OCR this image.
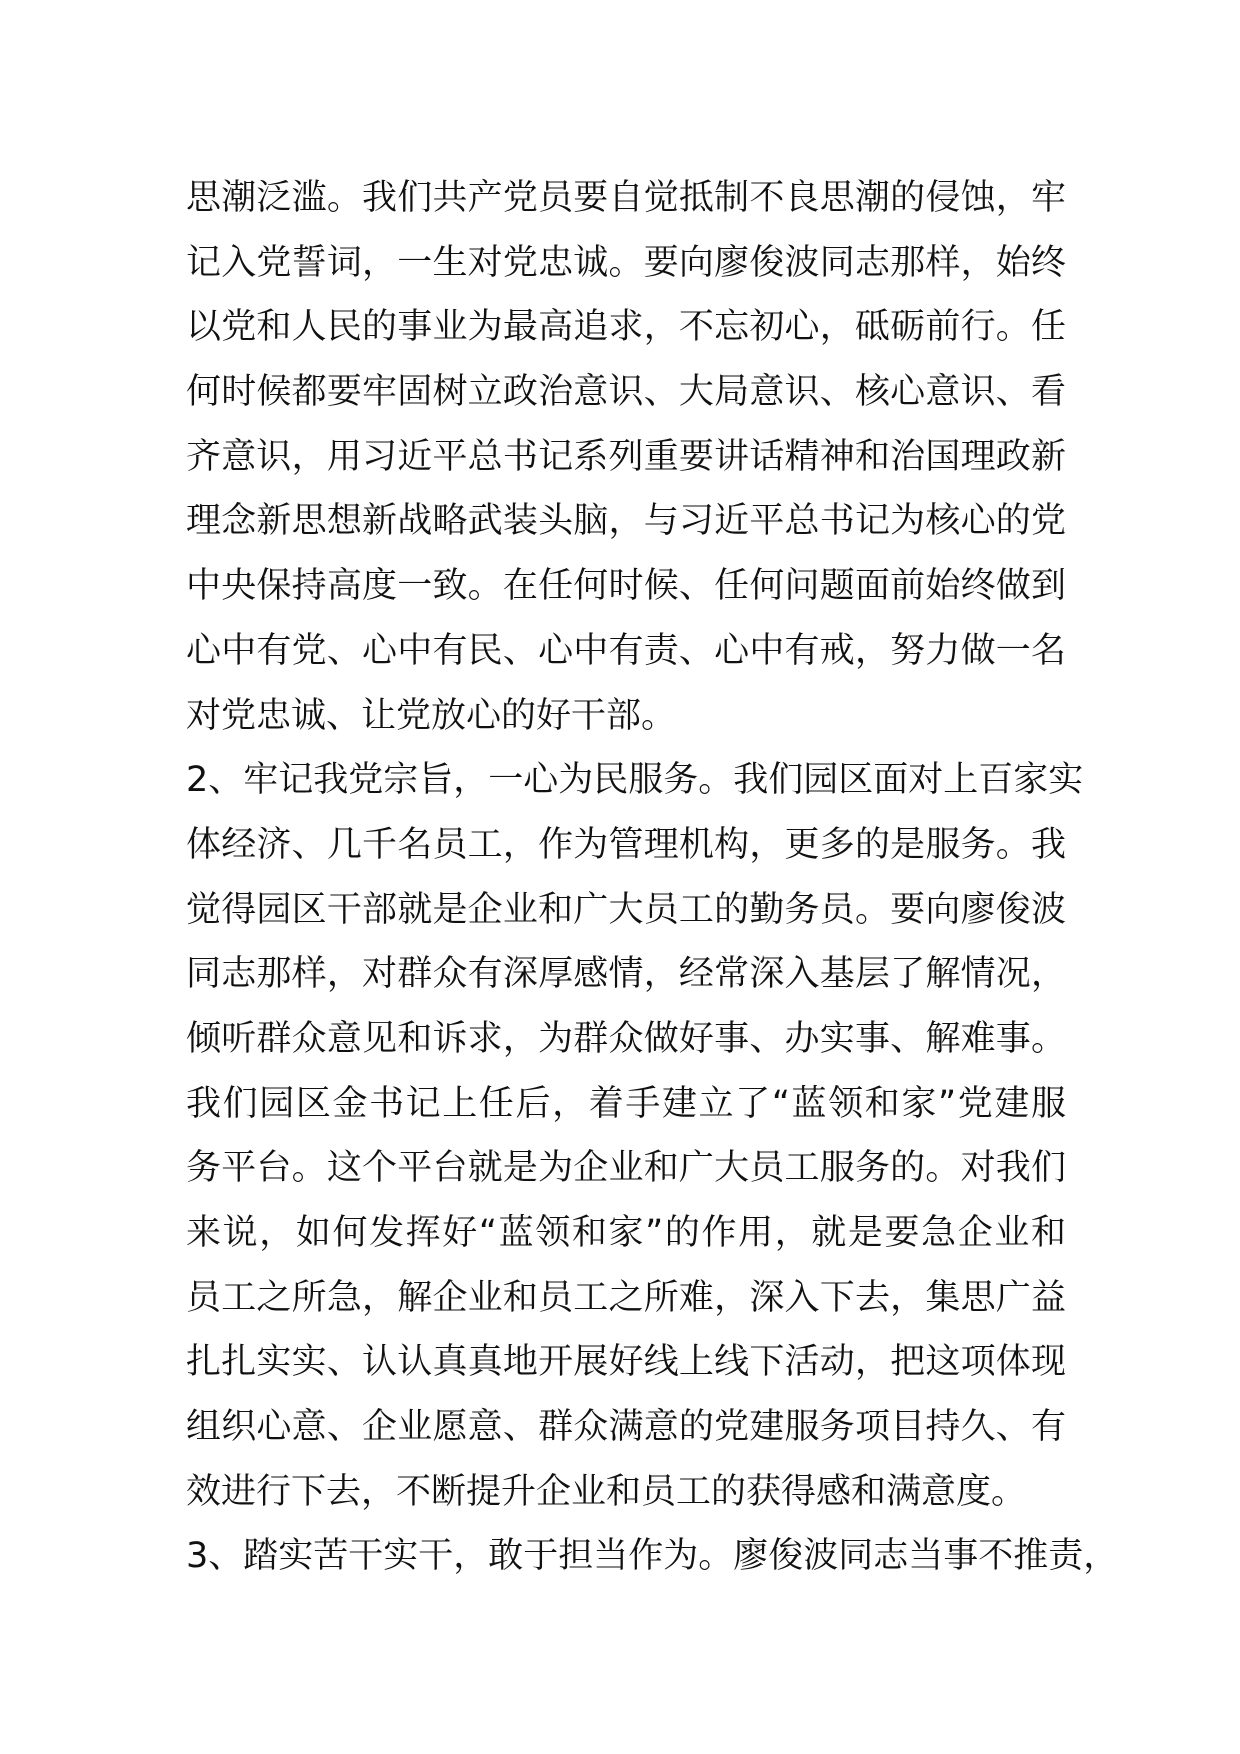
思潮泛滥。我们共产党员要自觉抵制不良思潮的侵蚀，牢
记入党誓词，一生对党忠诚。要向廖俊波同志那样，始终
以党和人民的事业为最高追求，不忘初心，砥砺前行。任
何时候都要牢固树立政治意识、大局意识、核心意识、看
齐意识，用习近平总书记系列重要讲话精神和治国理政新
理念新思想新战略武装头脑，与习近平总书记为核心的党
中央保持高度一致。在任何时候、任何问题面前始终做到
心中有党、心中有民、心中有责、心中有戒，努力做一名
对党忠诚、让党放心的好干部。
2、牢记我党宗旨，一心为民服务。我们园区面对上百家实
体经济、几千名员工，作为管理机构，更多的是服务。我
觉得园区干部就是企业和广大员工的勤务员。要向廖俊波
同志那样，对群众有深厚感情，经常深入基层了解情况，
倾听群众意见和诉求，为群众做好事、办实事、解难事。
我们园区金书记上任后，着手建立了“蓝领和家”党建服
务平台。这个平台就是为企业和广大员工服务的。对我们
来说，如何发挥好“蓝领和家”的作用，就是要急企业和
员工之所急，解企业和员工之所难，深入下去，集思广益
扎扎实实、认认真真地开展好线上线下活动，把这项体现
组织心意、企业愿意、群众满意的党建服务项目持久、有
效进行下去，不断提升企业和员工的获得感和满意度。
3、踏实苦干实干，敢于担当作为。廖俊波同志当事不推责，
